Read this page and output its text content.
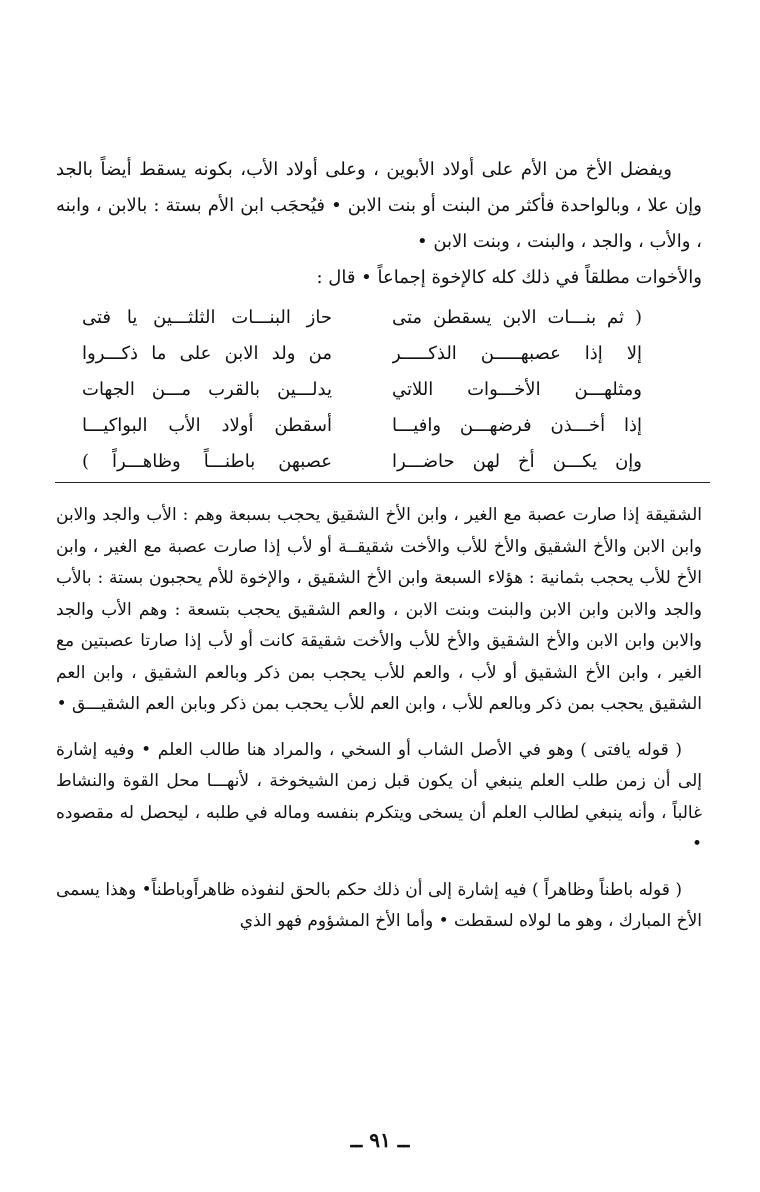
ويفضل الأخ من الأم على أولاد الأبوين ، وعلى أولاد الأب، بكونه يسقط أيضاً بالجد وإن علا ، وبالواحدة فأكثر من البنت أو بنت الابن • فيُحجَب ابن الأم بستة : بالابن ، وابنه ، والأب ، والجد ، والبنت ، وبنت الابن •

والأخوات مطلقاً في ذلك كله كالإخوة إجماعاً • قال :

( ثم بنـــات الابن يسقطن متى
حاز البنـــات الثلثـــين يا فتى
إلا إذا عصبهـــــن الذكـــــر
من ولد الابن على ما ذكـــروا
ومثلهـــن الأخـــوات اللاتي
يدلـــين بالقرب مـــن الجهات
إذا أخـــذن فرضهـــن وافيـــا
أسقطن أولاد الأب البواكيـــا
وإن يكـــن أخ لهن حاضـــرا
عصبهن باطنـــاً وظاهـــراً )

الشقيقة إذا صارت عصبة مع الغير ، وابن الأخ الشقيق يحجب بسبعة وهم : الأب والجد والابن وابن الابن والأخ الشقيق والأخ للأب والأخت شقيقــة أو لأب إذا صارت عصبة مع الغير ، وابن الأخ للأب يحجب بثمانية : هؤلاء السبعة وابن الأخ الشقيق ، والإخوة للأم يحجبون بستة : بالأب والجد والابن وابن الابن والبنت وبنت الابن ، والعم الشقيق يحجب بتسعة : وهم الأب والجد والابن وابن الابن والأخ الشقيق والأخ للأب والأخت شقيقة كانت أو لأب إذا صارتا عصبتين مع الغير ، وابن الأخ الشقيق أو لأب ، والعم للأب يحجب بمن ذكر وبالعم الشقيق ، وابن العم الشقيق يحجب بمن ذكر وبالعم للأب ، وابن العم للأب يحجب بمن ذكر وبابن العم الشقيـــق •

( قوله يافتى ) وهو في الأصل الشاب أو السخي ، والمراد هنا طالب العلم • وفيه إشارة إلى أن زمن طلب العلم ينبغي أن يكون قبل زمن الشيخوخة ، لأنهـــا محل القوة والنشاط غالباً ، وأنه ينبغي لطالب العلم أن يسخى ويتكرم بنفسه وماله في طلبه ، ليحصل له مقصوده •

( قوله باطناً وظاهراً ) فيه إشارة إلى أن ذلك حكم بالحق لنفوذه ظاهراًوباطناً• وهذا يسمى الأخ المبارك ، وهو ما لولاه لسقطت • وأما الأخ المشؤوم فهو الذي

ــ ٩١ ــ
